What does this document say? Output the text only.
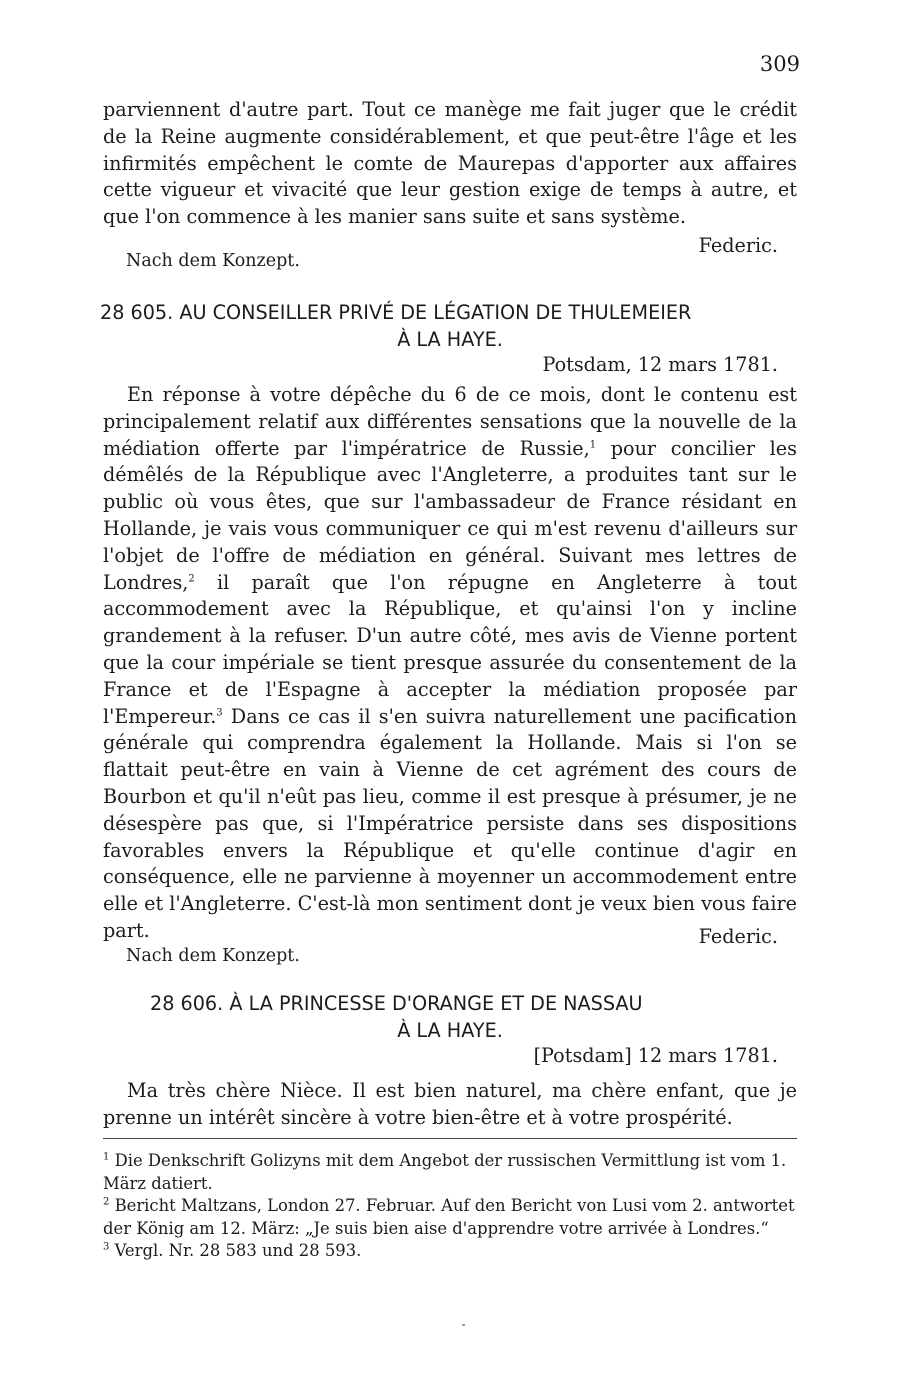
309

parviennent d'autre part. Tout ce manège me fait juger que le crédit de la Reine augmente considérablement, et que peut-être l'âge et les infirmités empêchent le comte de Maurepas d'apporter aux affaires cette vigueur et vivacité que leur gestion exige de temps à autre, et que l'on commence à les manier sans suite et sans système.

Federic.
Nach dem Konzept.
28 605. AU CONSEILLER PRIVÉ DE LÉGATION DE THULEMEIER
À LA HAYE.
Potsdam, 12 mars 1781.

En réponse à votre dépêche du 6 de ce mois, dont le contenu est principalement relatif aux différentes sensations que la nouvelle de la médiation offerte par l'impératrice de Russie,$^1$ pour concilier les démêlés de la République avec l'Angleterre, a produites tant sur le public où vous êtes, que sur l'ambassadeur de France résidant en Hollande, je vais vous communiquer ce qui m'est revenu d'ailleurs sur l'objet de l'offre de médiation en général. Suivant mes lettres de Londres,$^2$ il paraît que l'on répugne en Angleterre à tout accommodement avec la République, et qu'ainsi l'on y incline grandement à la refuser. D'un autre côté, mes avis de Vienne portent que la cour impériale se tient presque assurée du consentement de la France et de l'Espagne à accepter la médiation proposée par l'Empereur.$^3$ Dans ce cas il s'en suivra naturellement une pacification générale qui comprendra également la Hollande. Mais si l'on se flattait peut-être en vain à Vienne de cet agrément des cours de Bourbon et qu'il n'eût pas lieu, comme il est presque à présumer, je ne désespère pas que, si l'Impératrice persiste dans ses dispositions favorables envers la République et qu'elle continue d'agir en conséquence, elle ne parvienne à moyenner un accommodement entre elle et l'Angleterre. C'est-là mon sentiment dont je veux bien vous faire part.	Federic.
Nach dem Konzept.
28 606. À LA PRINCESSE D'ORANGE ET DE NASSAU
À LA HAYE.
[Potsdam] 12 mars 1781.

Ma très chère Nièce. Il est bien naturel, ma chère enfant, que je prenne un intérêt sincère à votre bien-être et à votre prospérité.

$^1$ Die Denkschrift Golizyns mit dem Angebot der russischen Vermittlung ist vom 1. März datiert.

$^2$ Bericht Maltzans, London 27. Februar. Auf den Bericht von Lusi vom 2. antwortet der König am 12. März: „Je suis bien aise d'apprendre votre arrivée à Londres.“

$^3$ Vergl. Nr. 28 583 und 28 593.
